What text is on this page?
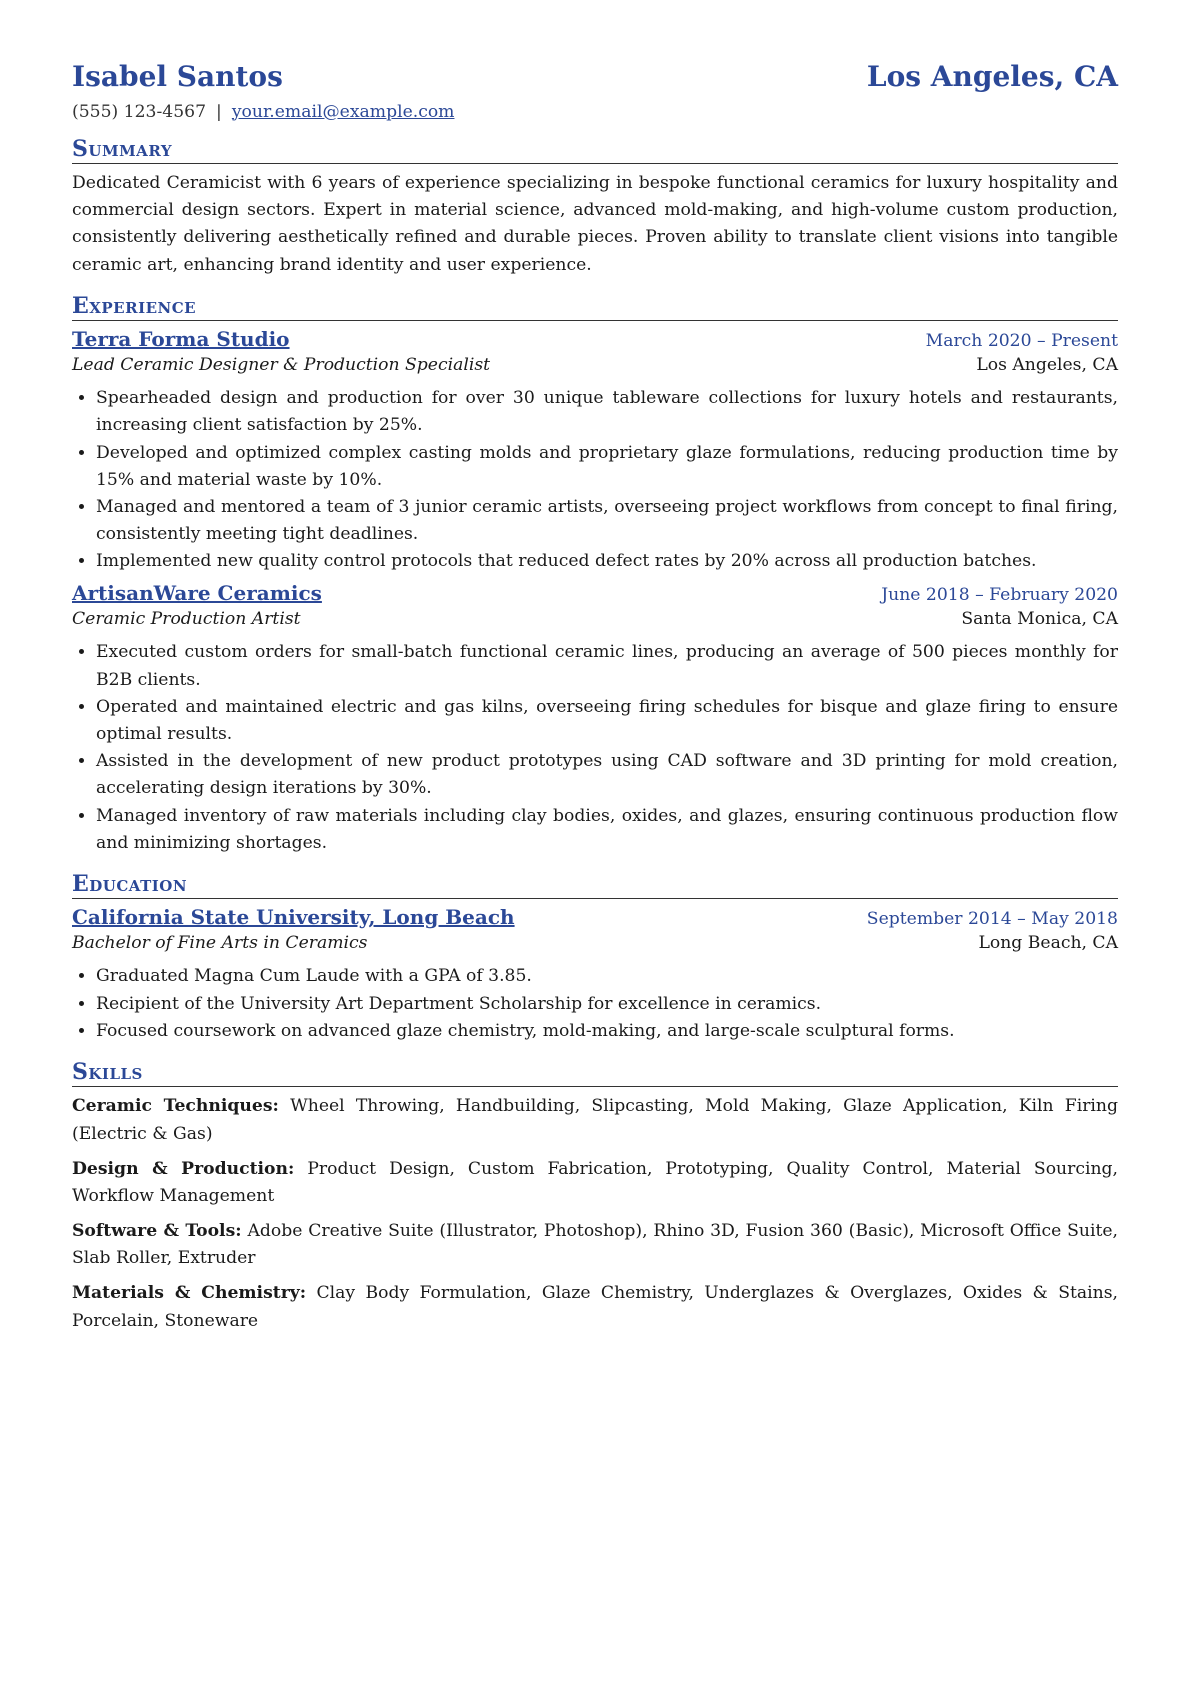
Isabel Santos	Los Angeles, CA
(555) 123-4567 | your.email@example.com
Summary
Dedicated Ceramicist with 6 years of experience specializing in bespoke functional ceramics for luxury hospitality and commercial design sectors. Expert in material science, advanced mold-making, and high-volume custom production, consistently delivering aesthetically refined and durable pieces. Proven ability to translate client visions into tangible ceramic art, enhancing brand identity and user experience.
Experience
Terra Forma Studio	March 2020 – Present
Lead Ceramic Designer & Production Specialist	Los Angeles, CA
• Spearheaded design and production for over 30 unique tableware collections for luxury hotels and restaurants, increasing client satisfaction by 25%.
• Developed and optimized complex casting molds and proprietary glaze formulations, reducing production time by 15% and material waste by 10%.
• Managed and mentored a team of 3 junior ceramic artists, overseeing project workflows from concept to final firing, consistently meeting tight deadlines.
• Implemented new quality control protocols that reduced defect rates by 20% across all production batches.
ArtisanWare Ceramics	June 2018 – February 2020
Ceramic Production Artist	Santa Monica, CA
• Executed custom orders for small-batch functional ceramic lines, producing an average of 500 pieces monthly for B2B clients.
• Operated and maintained electric and gas kilns, overseeing firing schedules for bisque and glaze firing to ensure optimal results.
• Assisted in the development of new product prototypes using CAD software and 3D printing for mold creation, accelerating design iterations by 30%.
• Managed inventory of raw materials including clay bodies, oxides, and glazes, ensuring continuous production flow and minimizing shortages.
Education
California State University, Long Beach	September 2014 – May 2018
Bachelor of Fine Arts in Ceramics	Long Beach, CA
• Graduated Magna Cum Laude with a GPA of 3.85.
• Recipient of the University Art Department Scholarship for excellence in ceramics.
• Focused coursework on advanced glaze chemistry, mold-making, and large-scale sculptural forms.
Skills
Ceramic Techniques: Wheel Throwing, Handbuilding, Slipcasting, Mold Making, Glaze Application, Kiln Firing (Electric & Gas)
Design & Production: Product Design, Custom Fabrication, Prototyping, Quality Control, Material Sourcing, Workflow Management
Software & Tools: Adobe Creative Suite (Illustrator, Photoshop), Rhino 3D, Fusion 360 (Basic), Microsoft Office Suite, Slab Roller, Extruder
Materials & Chemistry: Clay Body Formulation, Glaze Chemistry, Underglazes & Overglazes, Oxides & Stains, Porcelain, Stoneware
